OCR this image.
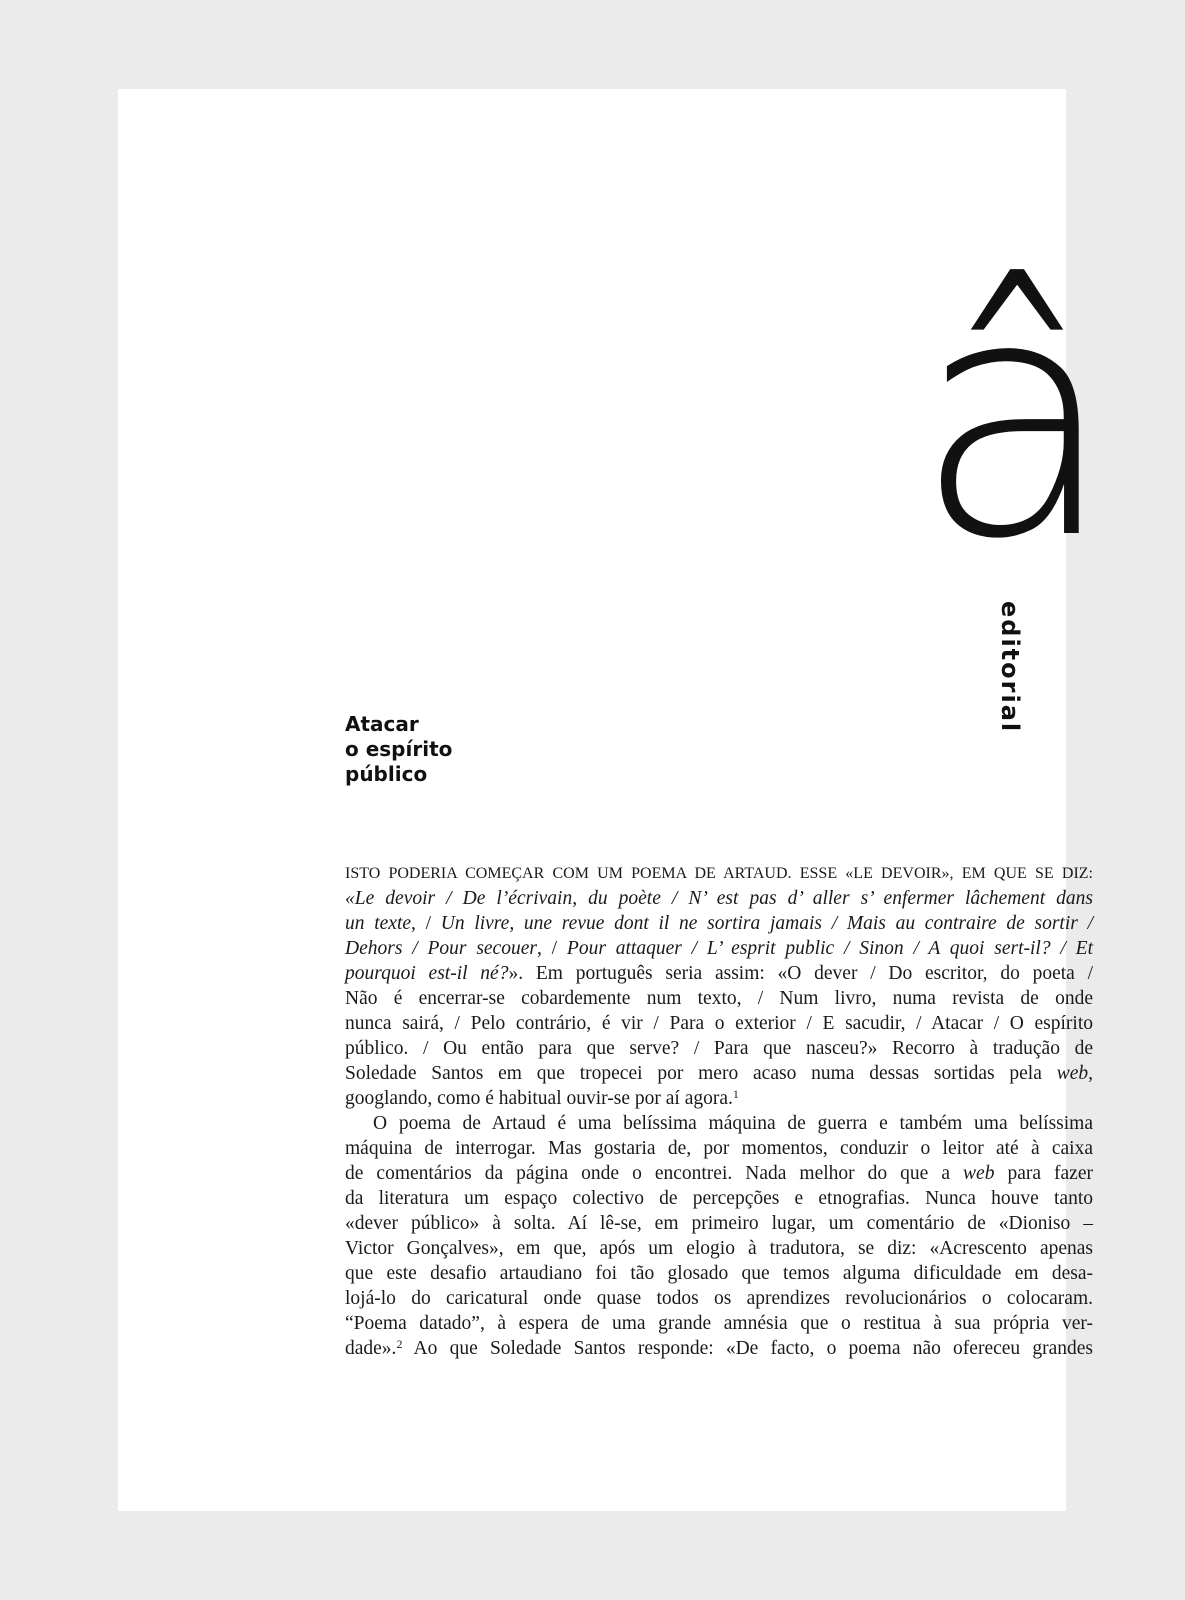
â
editorial
Atacar
o espírito
público
ISTO PODERIA COMEÇAR COM UM POEMA DE ARTAUD. ESSE «LE DEVOIR», EM QUE SE DIZ:
«Le devoir / De l’écrivain, du poète / N’ est pas d’ aller s’ enfermer lâchement dans
un texte, / Un livre, une revue dont il ne sortira jamais / Mais au contraire de sortir /
Dehors / Pour secouer, / Pour attaquer / L’ esprit public / Sinon / A quoi sert-il? / Et
pourquoi est-il né?». Em português seria assim: «O dever / Do escritor, do poeta /
Não é encerrar-se cobardemente num texto, / Num livro, numa revista de onde
nunca sairá, / Pelo contrário, é vir / Para o exterior / E sacudir, / Atacar / O espírito
público. / Ou então para que serve? / Para que nasceu?» Recorro à tradução de
Soledade Santos em que tropecei por mero acaso numa dessas sortidas pela web,
googlando, como é habitual ouvir-se por aí agora.$^1$
O poema de Artaud é uma belíssima máquina de guerra e também uma belíssima
máquina de interrogar. Mas gostaria de, por momentos, conduzir o leitor até à caixa
de comentários da página onde o encontrei. Nada melhor do que a web para fazer
da literatura um espaço colectivo de percepções e etnografias. Nunca houve tanto
«dever público» à solta. Aí lê-se, em primeiro lugar, um comentário de «Dioniso –
Victor Gonçalves», em que, após um elogio à tradutora, se diz: «Acrescento apenas
que este desafio artaudiano foi tão glosado que temos alguma dificuldade em desa-
lojá-lo do caricatural onde quase todos os aprendizes revolucionários o colocaram.
“Poema datado”, à espera de uma grande amnésia que o restitua à sua própria ver-
dade».$^2$ Ao que Soledade Santos responde: «De facto, o poema não ofereceu grandes
